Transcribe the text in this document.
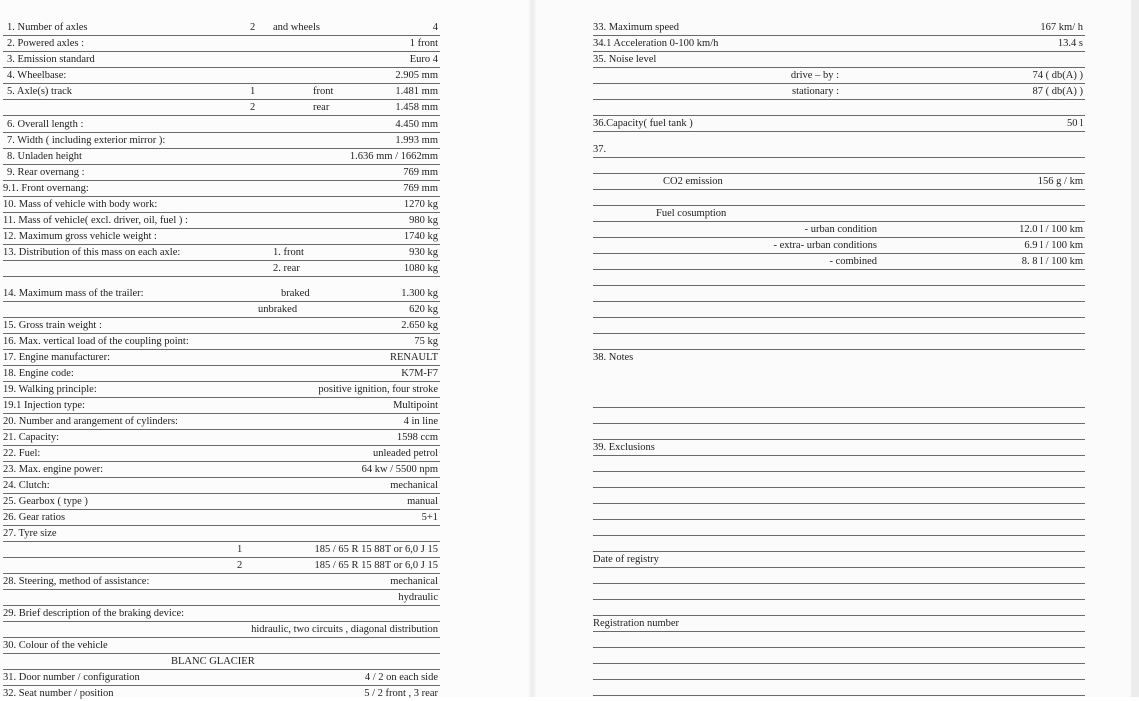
1. Number of axles	2 and wheels	4
2. Powered axles :	1 front
3. Emission standard	Euro 4
4. Wheelbase:	2.905 mm
5. Axle(s) track	1	front	1.481 mm
2	rear	1.458 mm
6. Overall length :	4.450 mm
7. Width ( including exterior mirror ):	1.993 mm
8. Unladen height	1.636 mm / 1662mm
9. Rear overnang :	769 mm
9.1. Front overnang:	769 mm
10. Mass of vehicle with body work:	1270 kg
11. Mass of vehicle( excl. driver, oil, fuel ) :	980 kg
12. Maximum gross vehicle weight :	1740 kg
13. Distribution of this mass on each axle:	1. front	930 kg
2. rear	1080 kg
14. Maximum mass of the trailer:	braked	1.300 kg
unbraked	620 kg
15. Gross train weight :	2.650 kg
16. Max. vertical load of the coupling point:	75 kg
17. Engine manufacturer:	RENAULT
18. Engine code:	K7M-F7
19. Walking principle:	positive ignition, four stroke
19.1 Injection type:	Multipoint
20. Number and arangement of cylinders:	4 in line
21. Capacity:	1598 ccm
22. Fuel:	unleaded petrol
23. Max. engine power:	64 kw / 5500 npm
24. Clutch:	mechanical
25. Gearbox ( type )	manual
26. Gear ratios	5+1
27. Tyre size
1	185 / 65 R 15 88T or 6,0 J 15
2	185 / 65 R 15 88T or 6,0 J 15
28. Steering, method of assistance:	mechanical
hydraulic
29. Brief description of the braking device:
hidraulic, two circuits , diagonal distribution
30. Colour of the vehicle
BLANC GLACIER
31. Door number / configuration	4 / 2 on each side
32. Seat number / position	5 / 2 front , 3 rear
33. Maximum speed	167 km/ h
34.1 Acceleration 0-100 km/h	13.4 s
35. Noise level
drive – by :	74 ( db(A) )
stationary :	87 ( db(A) )
36.Capacity( fuel tank )	50 l
37.
CO2 emission	156 g / km
Fuel cosumption
- urban condition	12.0 l / 100 km
- extra- urban conditions	6.9 l / 100 km
- combined	8. 8 l / 100 km
38. Notes
39. Exclusions
Date of registry
Registration number
